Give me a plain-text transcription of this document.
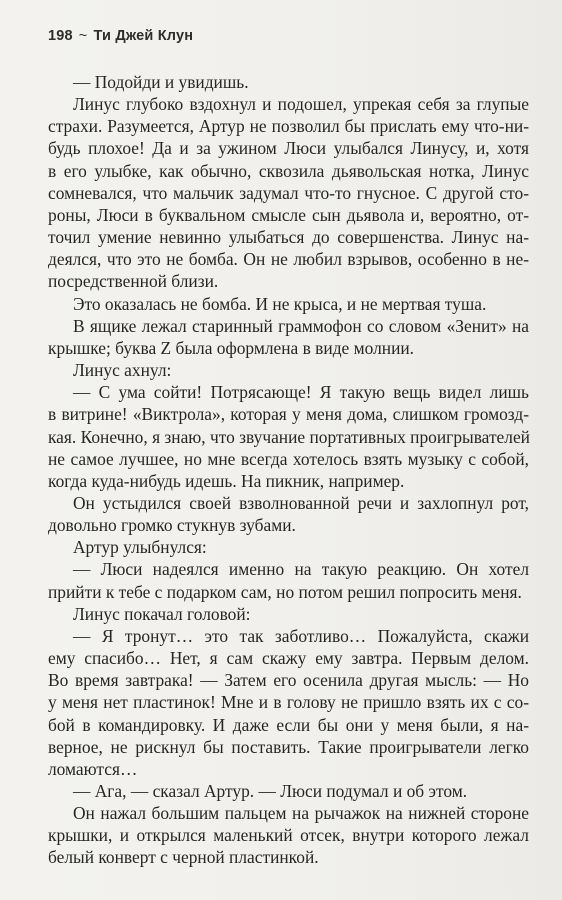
198 ~ Ти Джей Клун

— Подойди и увидишь.

Линус глубоко вздохнул и подошел, упрекая себя за глупые
страхи. Разумеется, Артур не позволил бы прислать ему что-ни-
будь плохое! Да и за ужином Люси улыбался Линусу, и, хотя
в его улыбке, как обычно, сквозила дьявольская нотка, Линус
сомневался, что мальчик задумал что-то гнусное. С другой сто-
роны, Люси в буквальном смысле сын дьявола и, вероятно, от-
точил умение невинно улыбаться до совершенства. Линус на-
деялся, что это не бомба. Он не любил взрывов, особенно в не-
посредственной близи.

Это оказалась не бомба. И не крыса, и не мертвая туша.

В ящике лежал старинный граммофон со словом «Зенит» на
крышке; буква Z была оформлена в виде молнии.

Линус ахнул:

— С ума сойти! Потрясающе! Я такую вещь видел лишь
в витрине! «Виктрола», которая у меня дома, слишком громозд-
кая. Конечно, я знаю, что звучание портативных проигрывателей
не самое лучшее, но мне всегда хотелось взять музыку с собой,
когда куда-нибудь идешь. На пикник, например.

Он устыдился своей взволнованной речи и захлопнул рот,
довольно громко стукнув зубами.

Артур улыбнулся:

— Люси надеялся именно на такую реакцию. Он хотел
прийти к тебе с подарком сам, но потом решил попросить меня.

Линус покачал головой:

— Я тронут… это так заботливо… Пожалуйста, скажи
ему спасибо… Нет, я сам скажу ему завтра. Первым делом.
Во время завтрака! — Затем его осенила другая мысль: — Но
у меня нет пластинок! Мне и в голову не пришло взять их с со-
бой в командировку. И даже если бы они у меня были, я на-
верное, не рискнул бы поставить. Такие проигрыватели легко
ломаются…

— Ага, — сказал Артур. — Люси подумал и об этом.

Он нажал большим пальцем на рычажок на нижней стороне
крышки, и открылся маленький отсек, внутри которого лежал
белый конверт с черной пластинкой.
